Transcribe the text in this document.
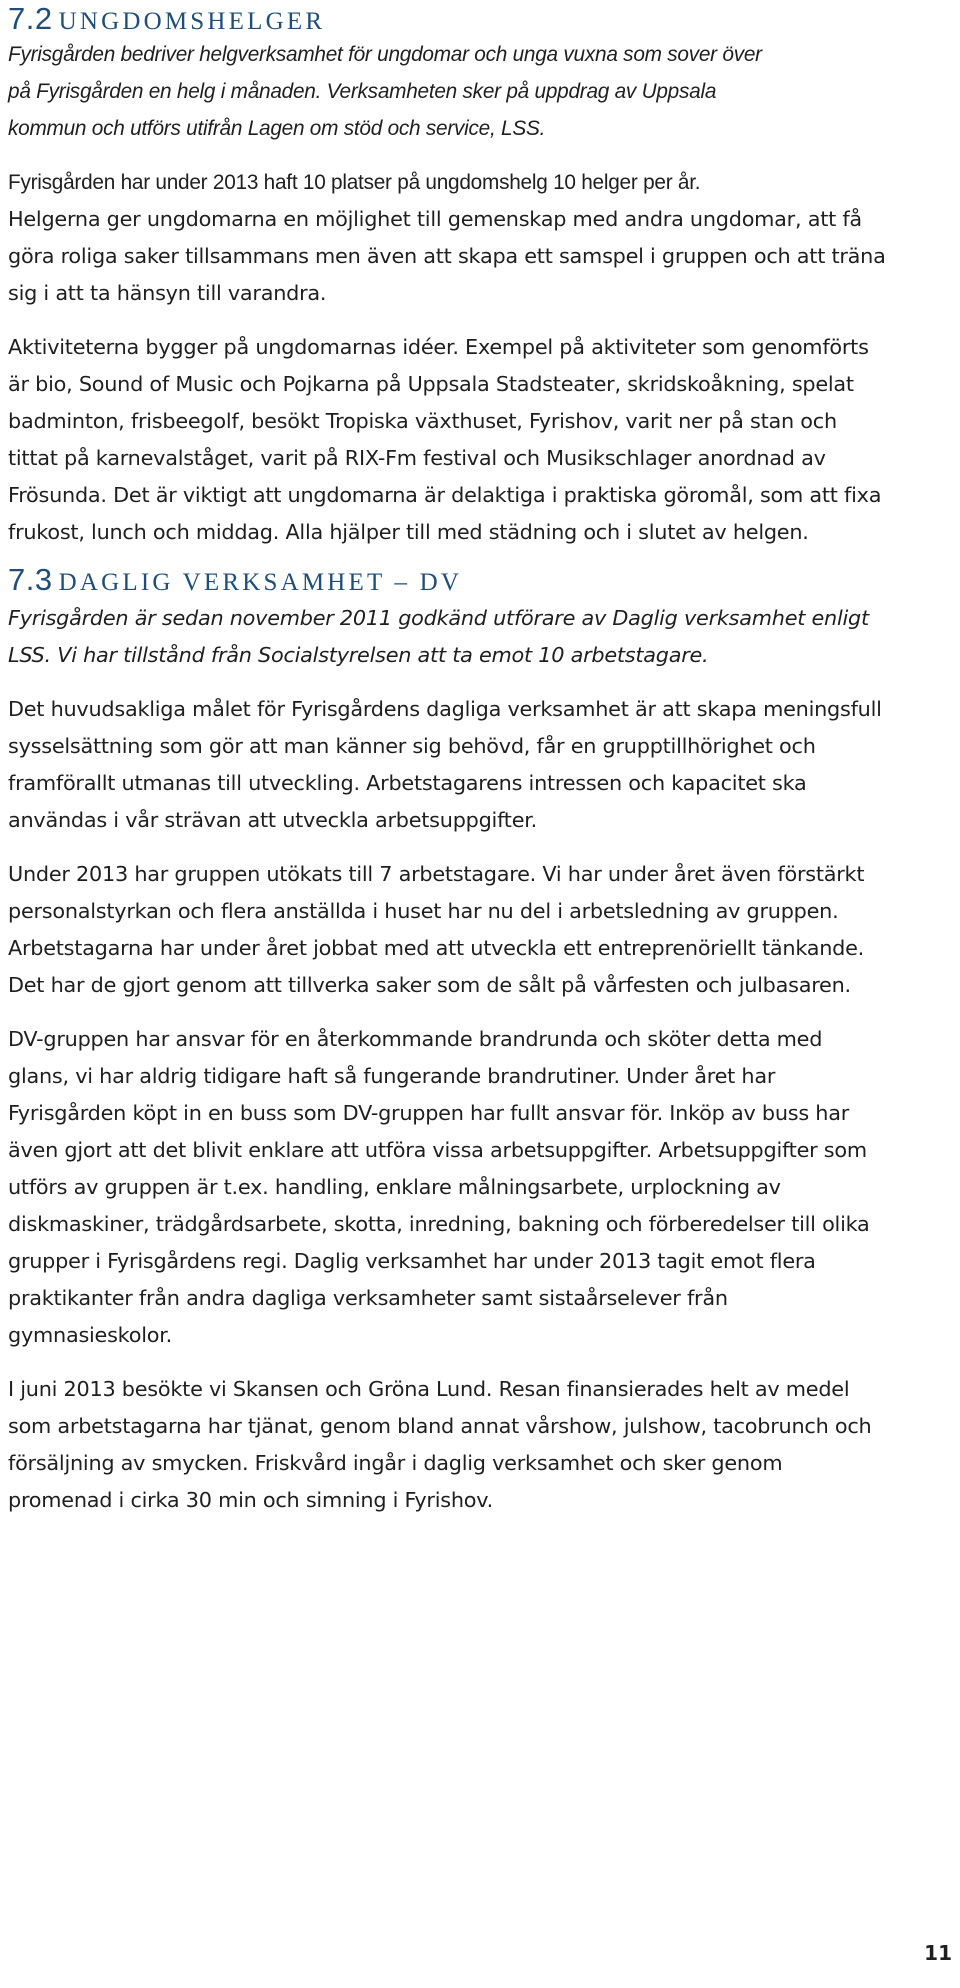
7.2 UNGDOMSHELGER
Fyrisgården bedriver helgverksamhet för ungdomar och unga vuxna som sover över
på Fyrisgården en helg i månaden. Verksamheten sker på uppdrag av Uppsala
kommun och utförs utifrån Lagen om stöd och service, LSS.
Fyrisgården har under 2013 haft 10 platser på ungdomshelg 10 helger per år.
Helgerna ger ungdomarna en möjlighet till gemenskap med andra ungdomar, att få
göra roliga saker tillsammans men även att skapa ett samspel i gruppen och att träna
sig i att ta hänsyn till varandra.
Aktiviteterna bygger på ungdomarnas idéer. Exempel på aktiviteter som genomförts
är bio, Sound of Music och Pojkarna på Uppsala Stadsteater, skridskoåkning, spelat
badminton, frisbeegolf, besökt Tropiska växthuset, Fyrishov, varit ner på stan och
tittat på karnevalståget, varit på RIX-Fm festival och Musikschlager anordnad av
Frösunda. Det är viktigt att ungdomarna är delaktiga i praktiska göromål, som att fixa
frukost, lunch och middag. Alla hjälper till med städning och i slutet av helgen.
7.3 DAGLIG VERKSAMHET – DV
Fyrisgården är sedan november 2011 godkänd utförare av Daglig verksamhet enligt
LSS. Vi har tillstånd från Socialstyrelsen att ta emot 10 arbetstagare.
Det huvudsakliga målet för Fyrisgårdens dagliga verksamhet är att skapa meningsfull
sysselsättning som gör att man känner sig behövd, får en grupptillhörighet och
framförallt utmanas till utveckling. Arbetstagarens intressen och kapacitet ska
användas i vår strävan att utveckla arbetsuppgifter.
Under 2013 har gruppen utökats till 7 arbetstagare. Vi har under året även förstärkt
personalstyrkan och flera anställda i huset har nu del i arbetsledning av gruppen.
Arbetstagarna har under året jobbat med att utveckla ett entreprenöriellt tänkande.
Det har de gjort genom att tillverka saker som de sålt på vårfesten och julbasaren.
DV-gruppen har ansvar för en återkommande brandrunda och sköter detta med
glans, vi har aldrig tidigare haft så fungerande brandrutiner. Under året har
Fyrisgården köpt in en buss som DV-gruppen har fullt ansvar för. Inköp av buss har
även gjort att det blivit enklare att utföra vissa arbetsuppgifter. Arbetsuppgifter som
utförs av gruppen är t.ex. handling, enklare målningsarbete, urplockning av
diskmaskiner, trädgårdsarbete, skotta, inredning, bakning och förberedelser till olika
grupper i Fyrisgårdens regi. Daglig verksamhet har under 2013 tagit emot flera
praktikanter från andra dagliga verksamheter samt sistaårselever från
gymnasieskolor.
I juni 2013 besökte vi Skansen och Gröna Lund. Resan finansierades helt av medel
som arbetstagarna har tjänat, genom bland annat vårshow, julshow, tacobrunch och
försäljning av smycken. Friskvård ingår i daglig verksamhet och sker genom
promenad i cirka 30 min och simning i Fyrishov.
11
